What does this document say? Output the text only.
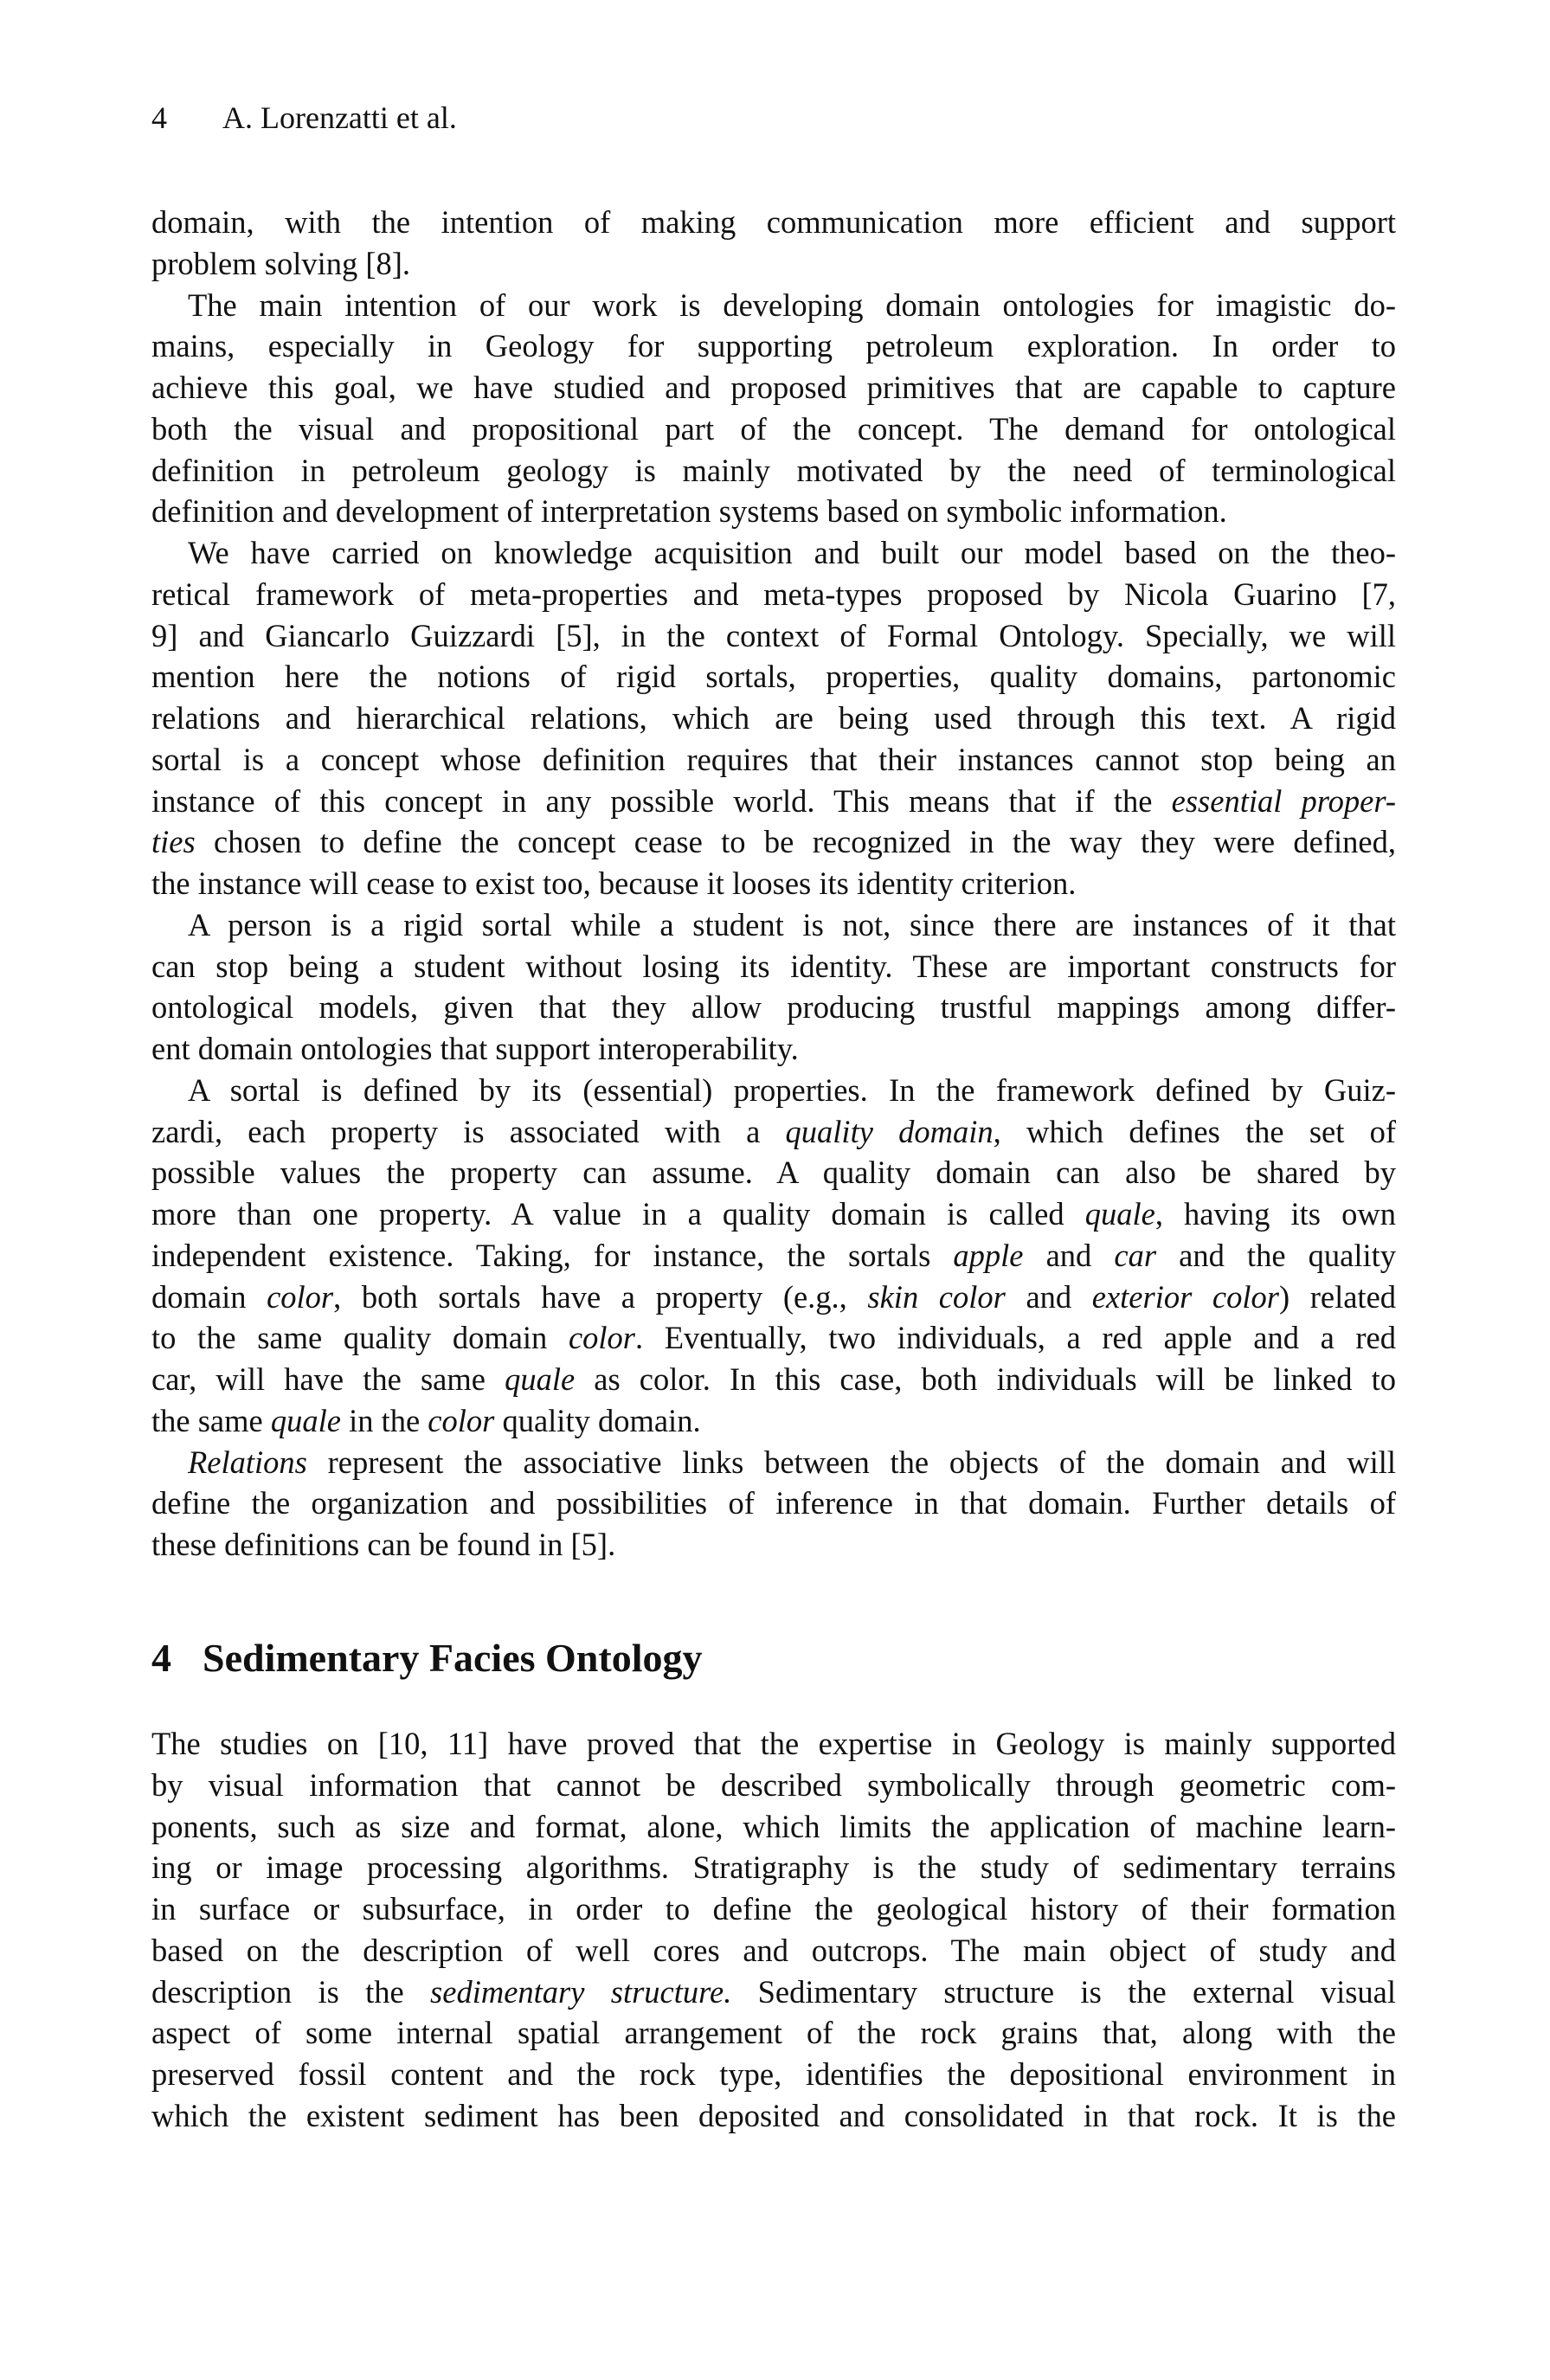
4 A. Lorenzatti et al.
domain, with the intention of making communication more efficient and support
problem solving [8].
The main intention of our work is developing domain ontologies for imagistic do-
mains, especially in Geology for supporting petroleum exploration. In order to
achieve this goal, we have studied and proposed primitives that are capable to capture
both the visual and propositional part of the concept. The demand for ontological
definition in petroleum geology is mainly motivated by the need of terminological
definition and development of interpretation systems based on symbolic information.
We have carried on knowledge acquisition and built our model based on the theo-
retical framework of meta-properties and meta-types proposed by Nicola Guarino [7,
9] and Giancarlo Guizzardi [5], in the context of Formal Ontology. Specially, we will
mention here the notions of rigid sortals, properties, quality domains, partonomic
relations and hierarchical relations, which are being used through this text. A rigid
sortal is a concept whose definition requires that their instances cannot stop being an
instance of this concept in any possible world. This means that if the essential proper-
ties chosen to define the concept cease to be recognized in the way they were defined,
the instance will cease to exist too, because it looses its identity criterion.
A person is a rigid sortal while a student is not, since there are instances of it that
can stop being a student without losing its identity. These are important constructs for
ontological models, given that they allow producing trustful mappings among differ-
ent domain ontologies that support interoperability.
A sortal is defined by its (essential) properties. In the framework defined by Guiz-
zardi, each property is associated with a quality domain, which defines the set of
possible values the property can assume. A quality domain can also be shared by
more than one property. A value in a quality domain is called quale, having its own
independent existence. Taking, for instance, the sortals apple and car and the quality
domain color, both sortals have a property (e.g., skin color and exterior color) related
to the same quality domain color. Eventually, two individuals, a red apple and a red
car, will have the same quale as color. In this case, both individuals will be linked to
the same quale in the color quality domain.
Relations represent the associative links between the objects of the domain and will
define the organization and possibilities of inference in that domain. Further details of
these definitions can be found in [5].
4 Sedimentary Facies Ontology
The studies on [10, 11] have proved that the expertise in Geology is mainly supported
by visual information that cannot be described symbolically through geometric com-
ponents, such as size and format, alone, which limits the application of machine learn-
ing or image processing algorithms. Stratigraphy is the study of sedimentary terrains
in surface or subsurface, in order to define the geological history of their formation
based on the description of well cores and outcrops. The main object of study and
description is the sedimentary structure. Sedimentary structure is the external visual
aspect of some internal spatial arrangement of the rock grains that, along with the
preserved fossil content and the rock type, identifies the depositional environment in
which the existent sediment has been deposited and consolidated in that rock. It is the
